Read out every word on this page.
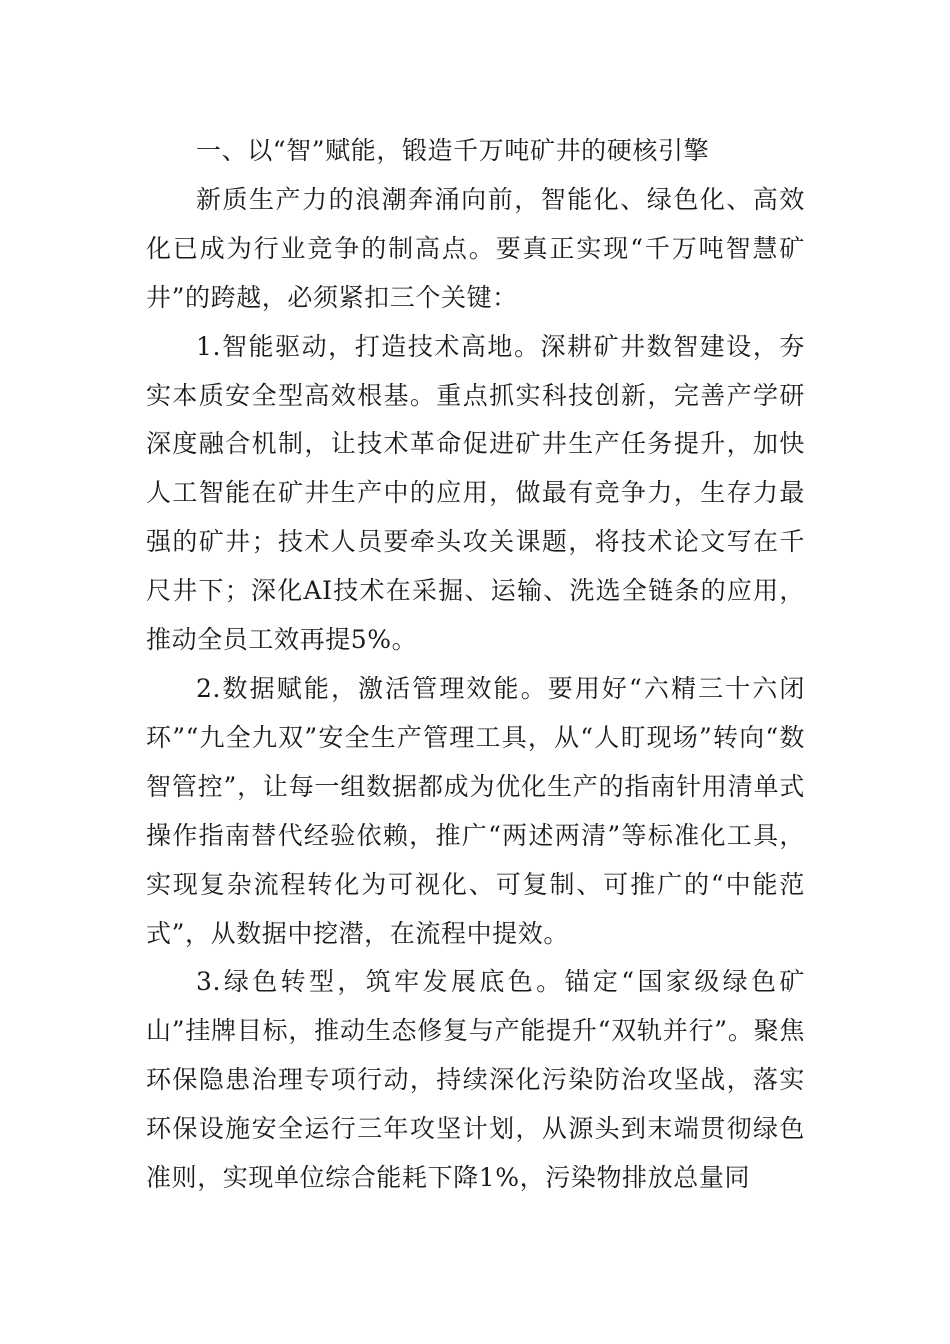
一、以“智”赋能，锻造千万吨矿井的硬核引擎

新质生产力的浪潮奔涌向前，智能化、绿色化、高效化已成为行业竞争的制高点。要真正实现“千万吨智慧矿井”的跨越，必须紧扣三个关键：

1.智能驱动，打造技术高地。深耕矿井数智建设，夯实本质安全型高效根基。重点抓实科技创新，完善产学研深度融合机制，让技术革命促进矿井生产任务提升，加快人工智能在矿井生产中的应用，做最有竞争力，生存力最强的矿井；技术人员要牵头攻关课题，将技术论文写在千尺井下；深化AI技术在采掘、运输、洗选全链条的应用，推动全员工效再提5%。

2.数据赋能，激活管理效能。要用好“六精三十六闭环”“九全九双”安全生产管理工具，从“人盯现场”转向“数智管控”，让每一组数据都成为优化生产的指南针用清单式操作指南替代经验依赖，推广“两述两清”等标准化工具，实现复杂流程转化为可视化、可复制、可推广的“中能范式”，从数据中挖潜，在流程中提效。

3.绿色转型，筑牢发展底色。锚定“国家级绿色矿山”挂牌目标，推动生态修复与产能提升“双轨并行”。聚焦环保隐患治理专项行动，持续深化污染防治攻坚战，落实环保设施安全运行三年攻坚计划，从源头到末端贯彻绿色准则，实现单位综合能耗下降1%，污染物排放总量同
